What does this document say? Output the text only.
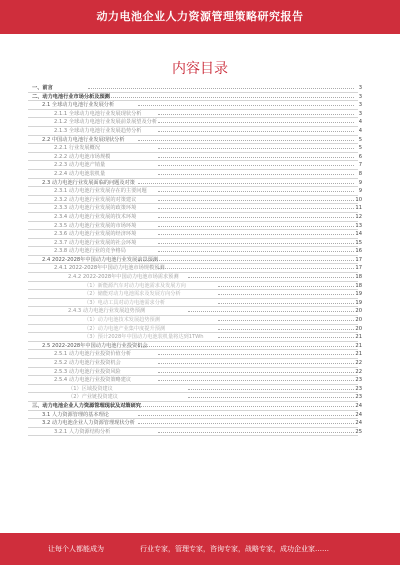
动力电池企业人力资源管理策略研究报告
内容目录
一、前言	3
二、动力电池行业市场分析及预测	3
2.1 全球动力电池行业发展分析	3
2.1.1 全球动力电池行业发展现状分析	3
2.1.2 全球动力电池行业发展前景展望及分析	4
2.1.3 全球动力电池行业发展趋势分析	4
2.2 中国动力电池行业发展现状分析	5
2.2.1 行业发展概况	5
2.2.2 动力电池市场规模	6
2.2.3 动力电池产销量	7
2.2.4 动力电池装机量	8
2.3 动力电池行业发展面临的问题及对策	9
2.3.1 动力电池行业发展存在的主要问题	9
2.3.2 动力电池行业发展的对策建议	10
2.3.3 动力电池行业发展的政策环境	11
2.3.4 动力电池行业发展的技术环境	12
2.3.5 动力电池行业发展的市场环境	13
2.3.6 动力电池行业发展的经济环境	14
2.3.7 动力电池行业发展的社会环境	15
2.3.8 动力电池行业的竞争格局	16
2.4 2022-2028年中国动力电池行业发展前景预测	17
2.4.1 2022-2028年中国动力电池市场规模预测	17
2.4.2 2022-2028年中国动力电池市场需求预测	18
（1）新能源汽车对动力电池需求及发展方向	18
（2）储能对动力电池需求及发展方向分析	19
（3）电动工具对动力电池需求分析	19
2.4.3 动力电池行业发展趋势预测	20
（1）动力电池技术发展趋势预测	20
（2）动力电池产业集中度提升预测	20
（3）预计2028年中国动力电池装机量将达到1TWh	21
2.5 2022-2028年中国动力电池行业投资机会	21
2.5.1 动力电池行业投资价值分析	21
2.5.2 动力电池行业投资机会	22
2.5.3 动力电池行业投资风险	22
2.5.4 动力电池行业投资策略建议	23
（1）区域投资建议	23
（2）产业链投资建议	23
三、动力电池企业人力资源管理现状及对策研究	24
3.1 人力资源管理的基本理论	24
3.2 动力电池企业人力资源管理现状分析	24
3.2.1 人力资源结构分析	25
让每个人都能成为	行业专家，管理专家，咨询专家，战略专家，成功企业家……
